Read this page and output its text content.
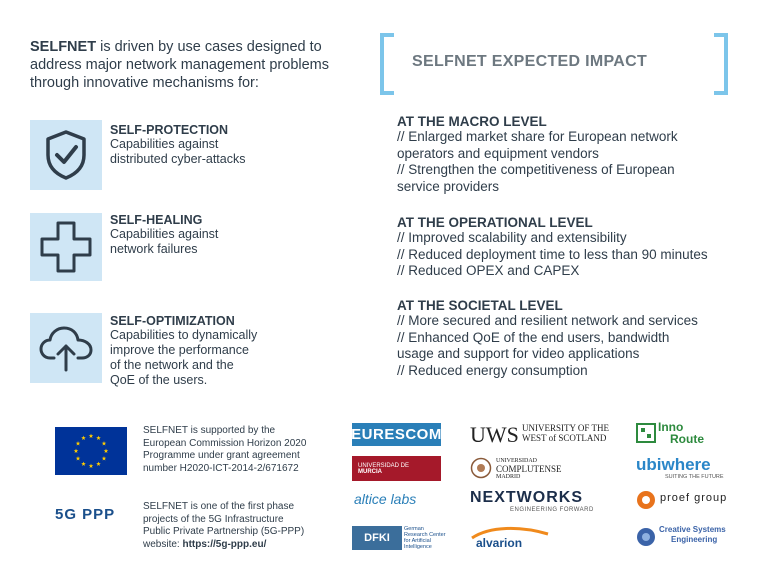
SELFNET is driven by use cases designed to address major network management problems through innovative mechanisms for:
SELF-PROTECTION
Capabilities against
distributed cyber-attacks
SELF-HEALING
Capabilities against
network failures
SELF-OPTIMIZATION
Capabilities to dynamically
improve the performance
of the network and the
QoE of the users.
SELFNET EXPECTED IMPACT
AT THE MACRO LEVEL
// Enlarged market share for European network
operators and equipment vendors
// Strengthen the competitiveness of European
service providers
AT THE OPERATIONAL LEVEL
// Improved scalability and extensibility
// Reduced deployment time to less than 90 minutes
// Reduced OPEX and CAPEX
AT THE SOCIETAL LEVEL
// More secured and resilient network and services
// Enhanced QoE of the end users, bandwidth
usage and support for video applications
// Reduced energy consumption
SELFNET is supported by the
European Commission Horizon 2020
Programme under grant agreement
number H2020-ICT-2014-2/671672
5G PPP	SELFNET is one of the first phase
projects of the 5G Infrastructure
Public Private Partnership (5G-PPP)
website: https://5g-ppp.eu/
EURESCOM
UNIVERSIDAD DE
MURCIA
altice labs
DFKI
German
Research Center
for Artificial
Intelligence
UWS UNIVERSITY OF THE
WEST of SCOTLAND
UNIVERSIDAD
COMPLUTENSE
MADRID
NEXTWORKS
ENGINEERING FORWARD
alvarion
Inno
Route
ubiwhere
SUITING THE FUTURE
proef group
Creative Systems
Engineering
